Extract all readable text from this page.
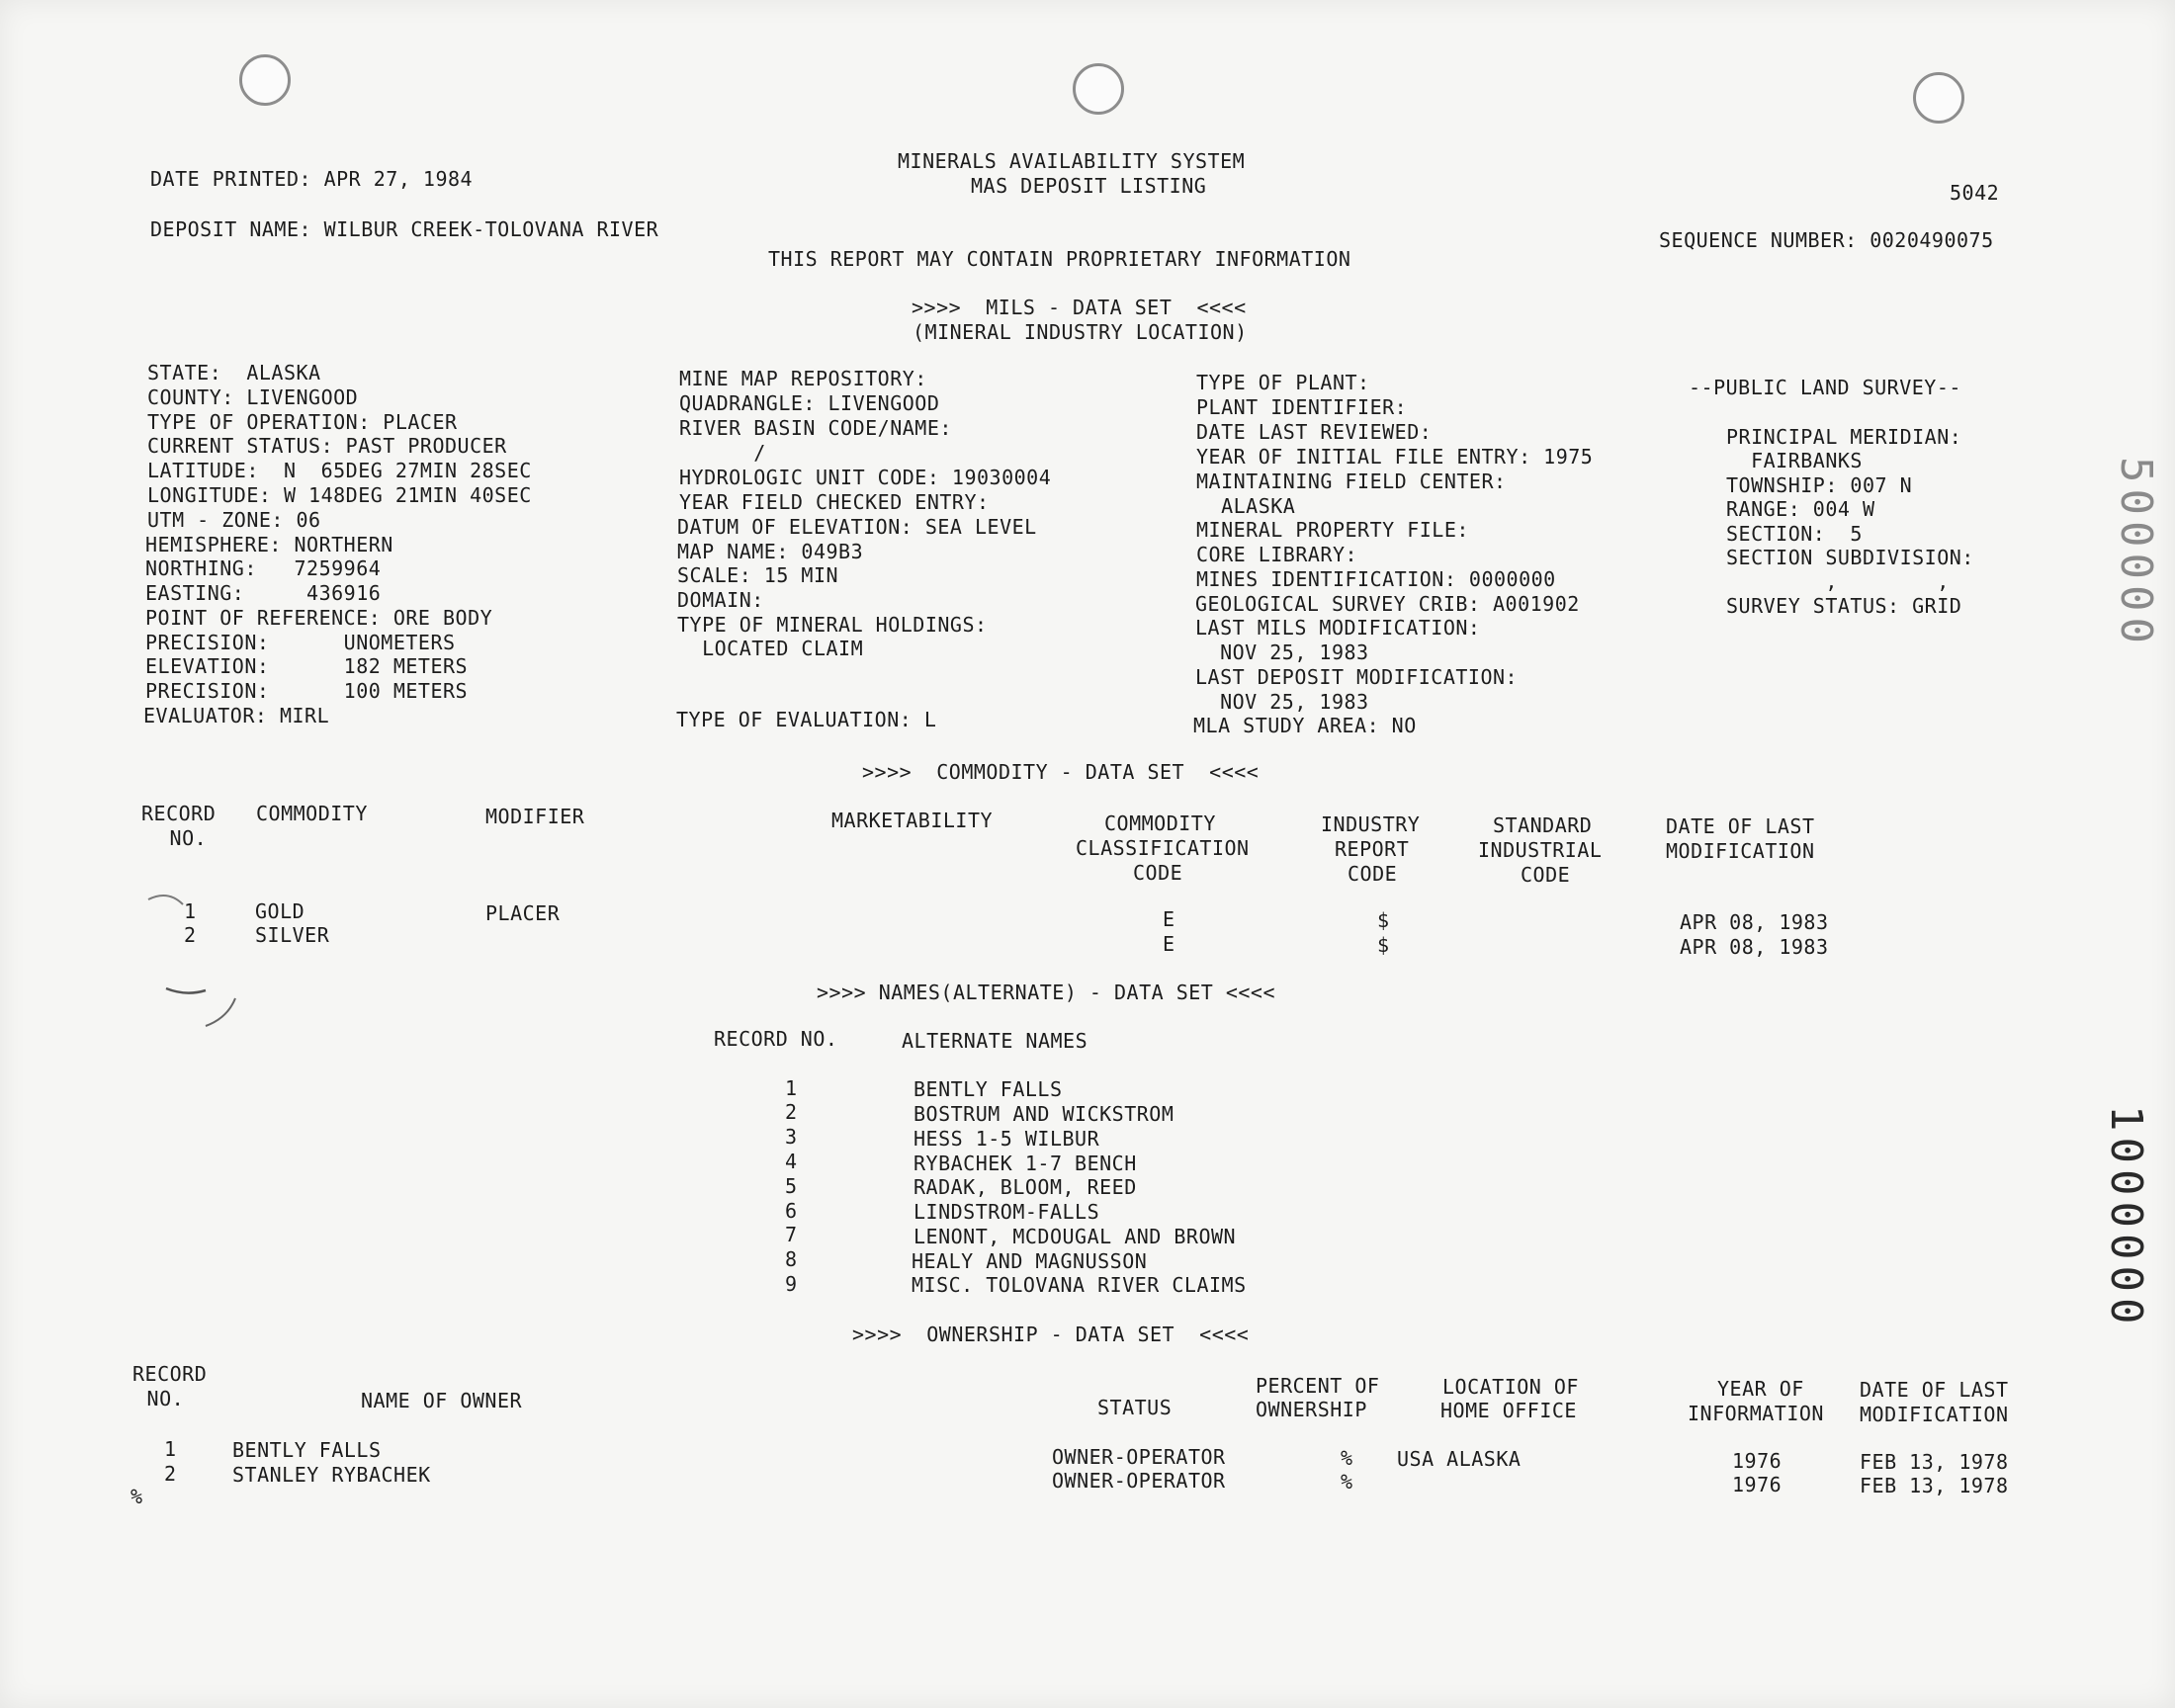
DATE PRINTED: APR 27, 1984
MINERALS AVAILABILITY SYSTEM
MAS DEPOSIT LISTING	5042
DEPOSIT NAME: WILBUR CREEK-TOLOVANA RIVER	SEQUENCE NUMBER: 0020490075
THIS REPORT MAY CONTAIN PROPRIETARY INFORMATION
>>>>  MILS - DATA SET  <<<<
(MINERAL INDUSTRY LOCATION)
STATE:  ALASKA
COUNTY: LIVENGOOD
TYPE OF OPERATION: PLACER
CURRENT STATUS: PAST PRODUCER
LATITUDE:  N  65DEG 27MIN 28SEC
LONGITUDE: W 148DEG 21MIN 40SEC
UTM - ZONE: 06
HEMISPHERE: NORTHERN
NORTHING:   7259964
EASTING:     436916
POINT OF REFERENCE: ORE BODY
PRECISION:      UNOMETERS
ELEVATION:      182 METERS
PRECISION:      100 METERS
EVALUATOR: MIRL
MINE MAP REPOSITORY:
QUADRANGLE: LIVENGOOD
RIVER BASIN CODE/NAME:
/
HYDROLOGIC UNIT CODE: 19030004
YEAR FIELD CHECKED ENTRY:
DATUM OF ELEVATION: SEA LEVEL
MAP NAME: 049B3
SCALE: 15 MIN
DOMAIN:
TYPE OF MINERAL HOLDINGS:
LOCATED CLAIM
TYPE OF EVALUATION: L
TYPE OF PLANT:
PLANT IDENTIFIER:
DATE LAST REVIEWED:
YEAR OF INITIAL FILE ENTRY: 1975
MAINTAINING FIELD CENTER:
ALASKA
MINERAL PROPERTY FILE:
CORE LIBRARY:
MINES IDENTIFICATION: 0000000
GEOLOGICAL SURVEY CRIB: A001902
LAST MILS MODIFICATION:
NOV 25, 1983
LAST DEPOSIT MODIFICATION:
NOV 25, 1983
MLA STUDY AREA: NO
--PUBLIC LAND SURVEY--
PRINCIPAL MERIDIAN:
FAIRBANKS
TOWNSHIP: 007 N
RANGE: 004 W
SECTION:  5
SECTION SUBDIVISION:
,        ,
SURVEY STATUS: GRID
>>>>  COMMODITY - DATA SET  <<<<
RECORD
NO.
COMMODITY	MODIFIER	MARKETABILITY	COMMODITY
CLASSIFICATION
CODE
INDUSTRY
REPORT
CODE
STANDARD
INDUSTRIAL
CODE
DATE OF LAST
MODIFICATION
1	GOLD	PLACER	E	$	APR 08, 1983
2	SILVER	E	$	APR 08, 1983
>>>> NAMES(ALTERNATE) - DATA SET <<<<
RECORD NO.	ALTERNATE NAMES
1	BENTLY FALLS
2	BOSTRUM AND WICKSTROM
3	HESS 1-5 WILBUR
4	RYBACHEK 1-7 BENCH
5	RADAK, BLOOM, REED
6	LINDSTROM-FALLS
7	LENONT, MCDOUGAL AND BROWN
8	HEALY AND MAGNUSSON
9	MISC. TOLOVANA RIVER CLAIMS
>>>>  OWNERSHIP - DATA SET  <<<<
RECORD
NO.	NAME OF OWNER	STATUS
PERCENT OF
OWNERSHIP
LOCATION OF
HOME OFFICE
YEAR OF
INFORMATION
DATE OF LAST
MODIFICATION
1	BENTLY FALLS	OWNER-OPERATOR	% USA ALASKA	1976	FEB 13, 1978
2	STANLEY RYBACHEK	OWNER-OPERATOR	%	1976	FEB 13, 1978
%
500000
1000000
